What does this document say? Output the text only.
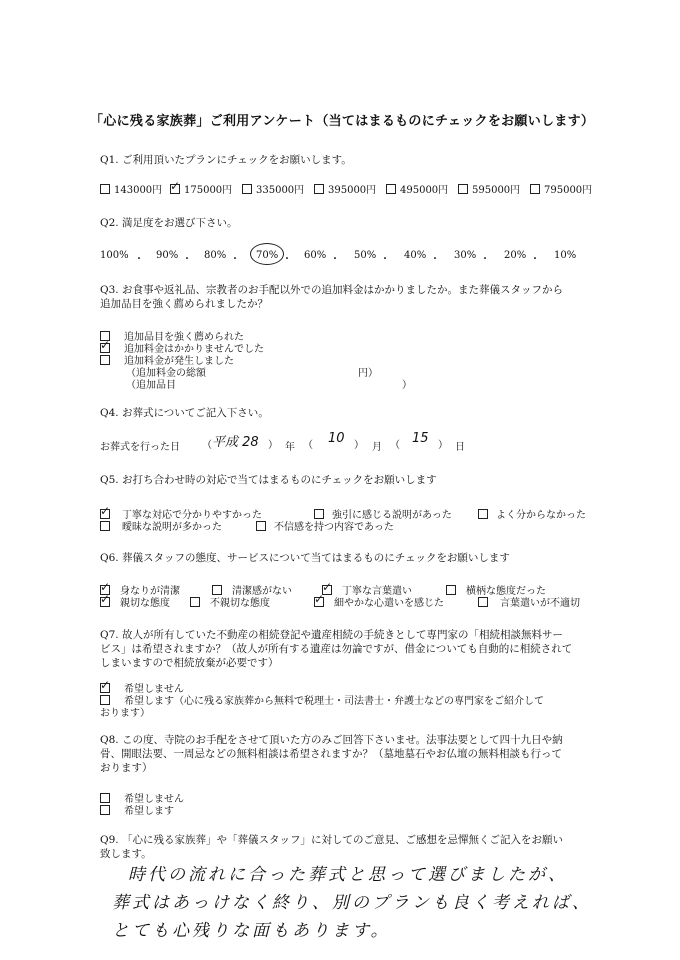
「心に残る家族葬」ご利用アンケート（当てはまるものにチェックをお願いします）
Q1. ご利用頂いたプランにチェックをお願いします。
143000円 ✓ 175000円 335000円 395000円 495000円 595000円 795000円
Q2. 満足度をお選び下さい。
100% ・ 90% ・ 80% ・ 70% ・ 60% ・ 50% ・ 40% ・ 30% ・ 20% ・ 10%
Q3. お食事や返礼品、宗教者のお手配以外での追加料金はかかりましたか。また葬儀スタッフから
追加品目を強く薦められましたか？
追加品目を強く薦められた
✓
追加料金はかかりませんでした
追加料金が発生しました
（追加料金の総額	円）
（追加品目	）
Q4. お葬式についてご記入下さい。
お葬式を行った日 （ 平成 28 ） 年 （ 10 ） 月 （ 15 ） 日
Q5. お打ち合わせ時の対応で当てはまるものにチェックをお願いします
✓
丁寧な対応で分かりやすかった	強引に感じる説明があった	よく分からなかった
曖昧な説明が多かった	不信感を持つ内容であった
Q6. 葬儀スタッフの態度、サービスについて当てはまるものにチェックをお願いします
✓
身なりが清潔	清潔感がない ✓	丁寧な言葉遣い	横柄な態度だった
✓
親切な態度	不親切な態度 ✓	細やかな心遣いを感じた	言葉遣いが不適切
Q7. 故人が所有していた不動産の相続登記や遺産相続の手続きとして専門家の「相続相談無料サー
ビス」は希望されますか？（故人が所有する遺産は勿論ですが、借金についても自動的に相続されて
しまいますので相続放棄が必要です）
✓
希望しません
希望します（心に残る家族葬から無料で税理士・司法書士・弁護士などの専門家をご紹介して
おります）
Q8. この度、寺院のお手配をさせて頂いた方のみご回答下さいませ。法事法要として四十九日や納
骨、開眼法要、一周忌などの無料相談は希望されますか？（墓地墓石やお仏壇の無料相談も行って
おります）
希望しません
希望します
Q9. 「心に残る家族葬」や「葬儀スタッフ」に対してのご意見、ご感想を忌憚無くご記入をお願い
致します。
時代の流れに合った葬式と思って選びましたが、
葬式はあっけなく終り、別のプランも良く考えれば、
とても心残りな面もあります。
